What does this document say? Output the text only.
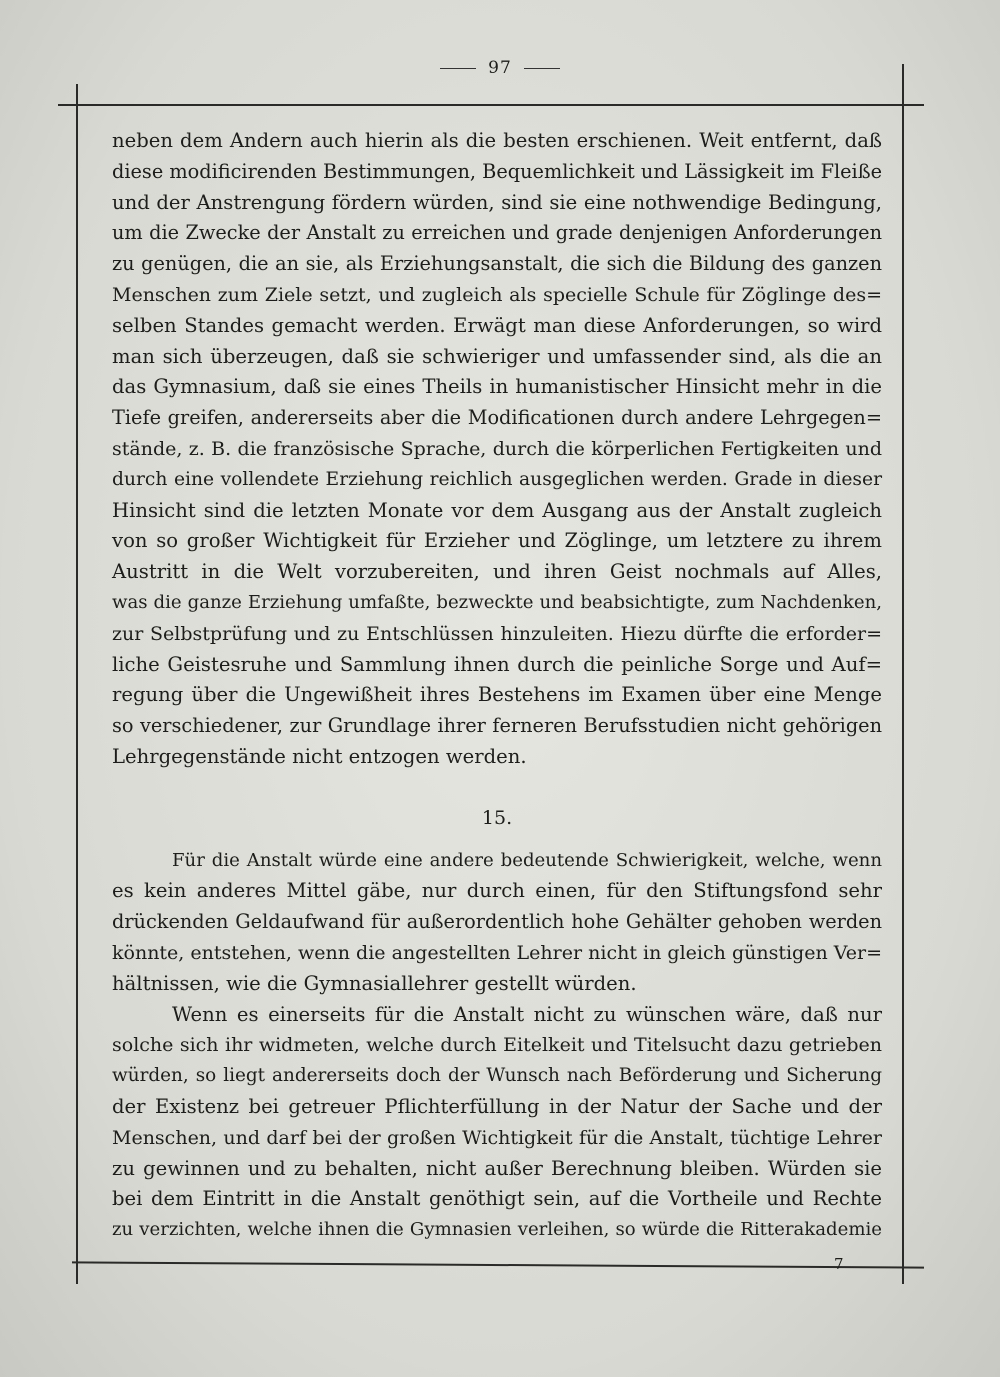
97
neben dem Andern auch hierin als die besten erschienen. Weit entfernt, daß
diese modificirenden Bestimmungen, Bequemlichkeit und Lässigkeit im Fleiße
und der Anstrengung fördern würden, sind sie eine nothwendige Bedingung,
um die Zwecke der Anstalt zu erreichen und grade denjenigen Anforderungen
zu genügen, die an sie, als Erziehungsanstalt, die sich die Bildung des ganzen
Menschen zum Ziele setzt, und zugleich als specielle Schule für Zöglinge des=
selben Standes gemacht werden. Erwägt man diese Anforderungen, so wird
man sich überzeugen, daß sie schwieriger und umfassender sind, als die an
das Gymnasium, daß sie eines Theils in humanistischer Hinsicht mehr in die
Tiefe greifen, andererseits aber die Modificationen durch andere Lehrgegen=
stände, z. B. die französische Sprache, durch die körperlichen Fertigkeiten und
durch eine vollendete Erziehung reichlich ausgeglichen werden. Grade in dieser
Hinsicht sind die letzten Monate vor dem Ausgang aus der Anstalt zugleich
von so großer Wichtigkeit für Erzieher und Zöglinge, um letztere zu ihrem
Austritt in die Welt vorzubereiten, und ihren Geist nochmals auf Alles,
was die ganze Erziehung umfaßte, bezweckte und beabsichtigte, zum Nachdenken,
zur Selbstprüfung und zu Entschlüssen hinzuleiten. Hiezu dürfte die erforder=
liche Geistesruhe und Sammlung ihnen durch die peinliche Sorge und Auf=
regung über die Ungewißheit ihres Bestehens im Examen über eine Menge
so verschiedener, zur Grundlage ihrer ferneren Berufsstudien nicht gehörigen
Lehrgegenstände nicht entzogen werden.
15.
Für die Anstalt würde eine andere bedeutende Schwierigkeit, welche, wenn
es kein anderes Mittel gäbe, nur durch einen, für den Stiftungsfond sehr
drückenden Geldaufwand für außerordentlich hohe Gehälter gehoben werden
könnte, entstehen, wenn die angestellten Lehrer nicht in gleich günstigen Ver=
hältnissen, wie die Gymnasiallehrer gestellt würden.
Wenn es einerseits für die Anstalt nicht zu wünschen wäre, daß nur
solche sich ihr widmeten, welche durch Eitelkeit und Titelsucht dazu getrieben
würden, so liegt andererseits doch der Wunsch nach Beförderung und Sicherung
der Existenz bei getreuer Pflichterfüllung in der Natur der Sache und der
Menschen, und darf bei der großen Wichtigkeit für die Anstalt, tüchtige Lehrer
zu gewinnen und zu behalten, nicht außer Berechnung bleiben. Würden sie
bei dem Eintritt in die Anstalt genöthigt sein, auf die Vortheile und Rechte
zu verzichten, welche ihnen die Gymnasien verleihen, so würde die Ritterakademie
7
